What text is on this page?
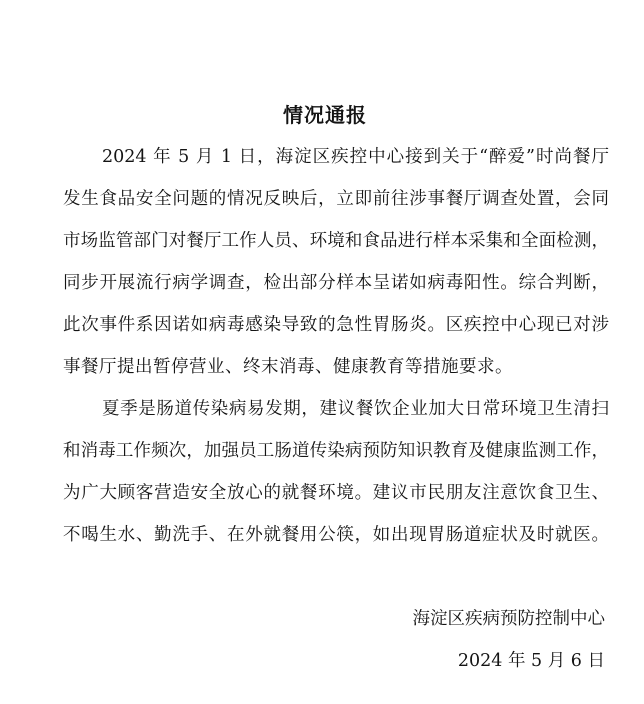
情况通报
2024 年 5 月 1 日，海淀区疾控中心接到关于“醉爱”时尚餐厅
发生食品安全问题的情况反映后，立即前往涉事餐厅调查处置，会同
市场监管部门对餐厅工作人员、环境和食品进行样本采集和全面检测，
同步开展流行病学调查，检出部分样本呈诺如病毒阳性。综合判断，
此次事件系因诺如病毒感染导致的急性胃肠炎。区疾控中心现已对涉
事餐厅提出暂停营业、终末消毒、健康教育等措施要求。
夏季是肠道传染病易发期，建议餐饮企业加大日常环境卫生清扫
和消毒工作频次，加强员工肠道传染病预防知识教育及健康监测工作，
为广大顾客营造安全放心的就餐环境。建议市民朋友注意饮食卫生、
不喝生水、勤洗手、在外就餐用公筷，如出现胃肠道症状及时就医。
海淀区疾病预防控制中心
2024 年 5 月 6 日
